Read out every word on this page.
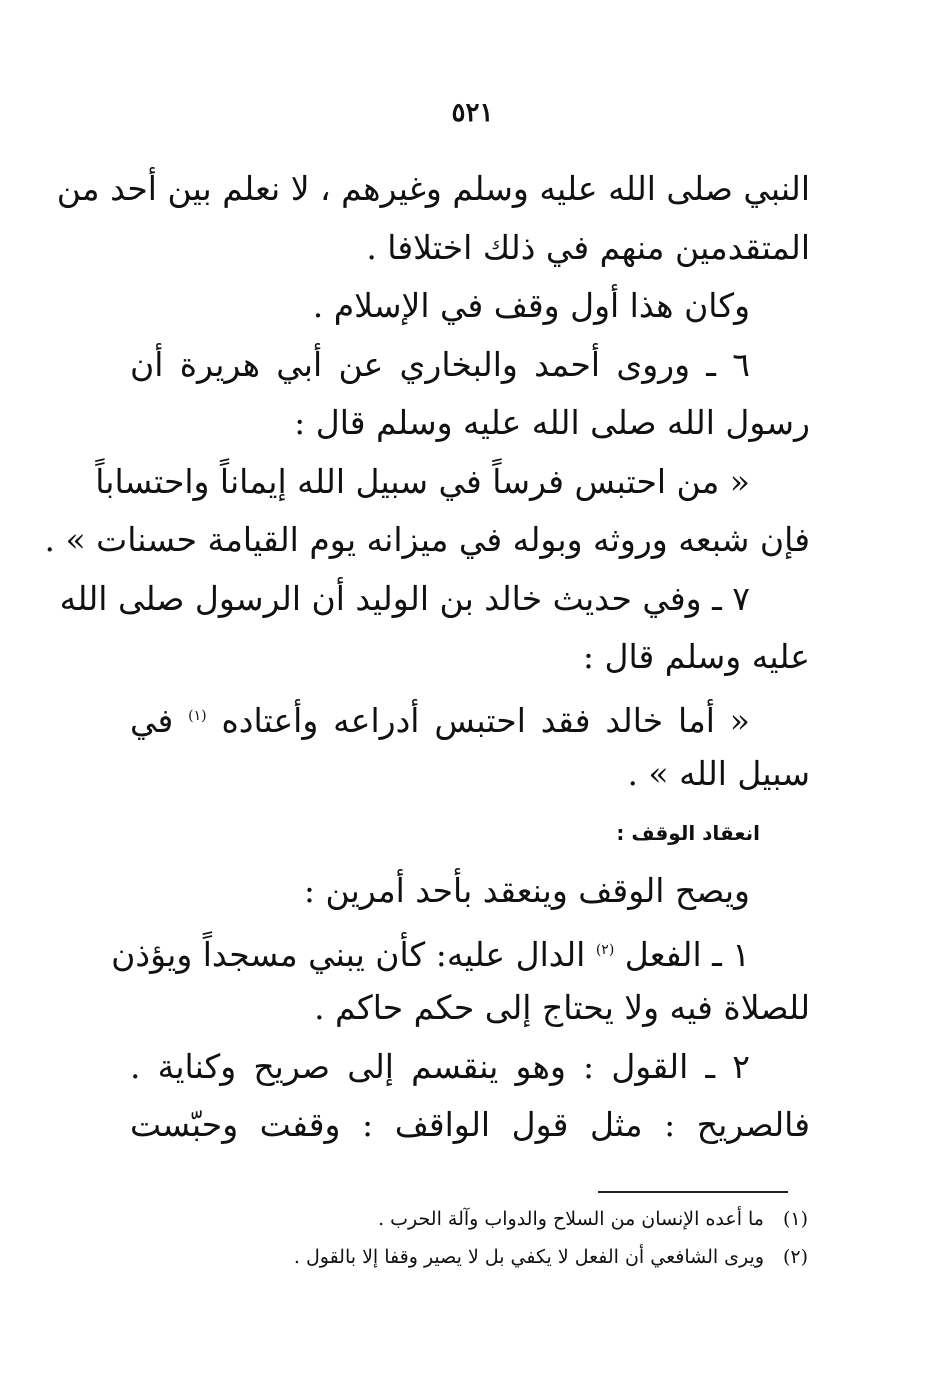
٥٢١
النبي صلى الله عليه وسلم وغيرهم ، لا نعلم بين أحد من
المتقدمين منهم في ذلك اختلافا .
وكان هذا أول وقف في الإسلام .
٦ ـ وروى أحمد والبخاري عن أبي هريرة أن
رسول الله صلى الله عليه وسلم قال :
« من احتبس فرساً في سبيل الله إيماناً واحتساباً
فإن شبعه وروثه وبوله في ميزانه يوم القيامة حسنات » .
٧ ـ وفي حديث خالد بن الوليد أن الرسول صلى الله
عليه وسلم قال :
« أما خالد فقد احتبس أدراعه وأعتاده $^{(١)}$ في
سبيل الله » .
انعقاد الوقف :
ويصح الوقف وينعقد بأحد أمرين :
١ ـ الفعل $^{(٢)}$ الدال عليه: كأن يبني مسجداً ويؤذن
للصلاة فيه ولا يحتاج إلى حكم حاكم .
٢ ـ القول : وهو ينقسم إلى صريح وكناية .
فالصريح : مثل قول الواقف : وقفت وحبّست
(١)ما أعده الإنسان من السلاح والدواب وآلة الحرب .
(٢)ويرى الشافعي أن الفعل لا يكفي بل لا يصير وقفا إلا بالقول .
